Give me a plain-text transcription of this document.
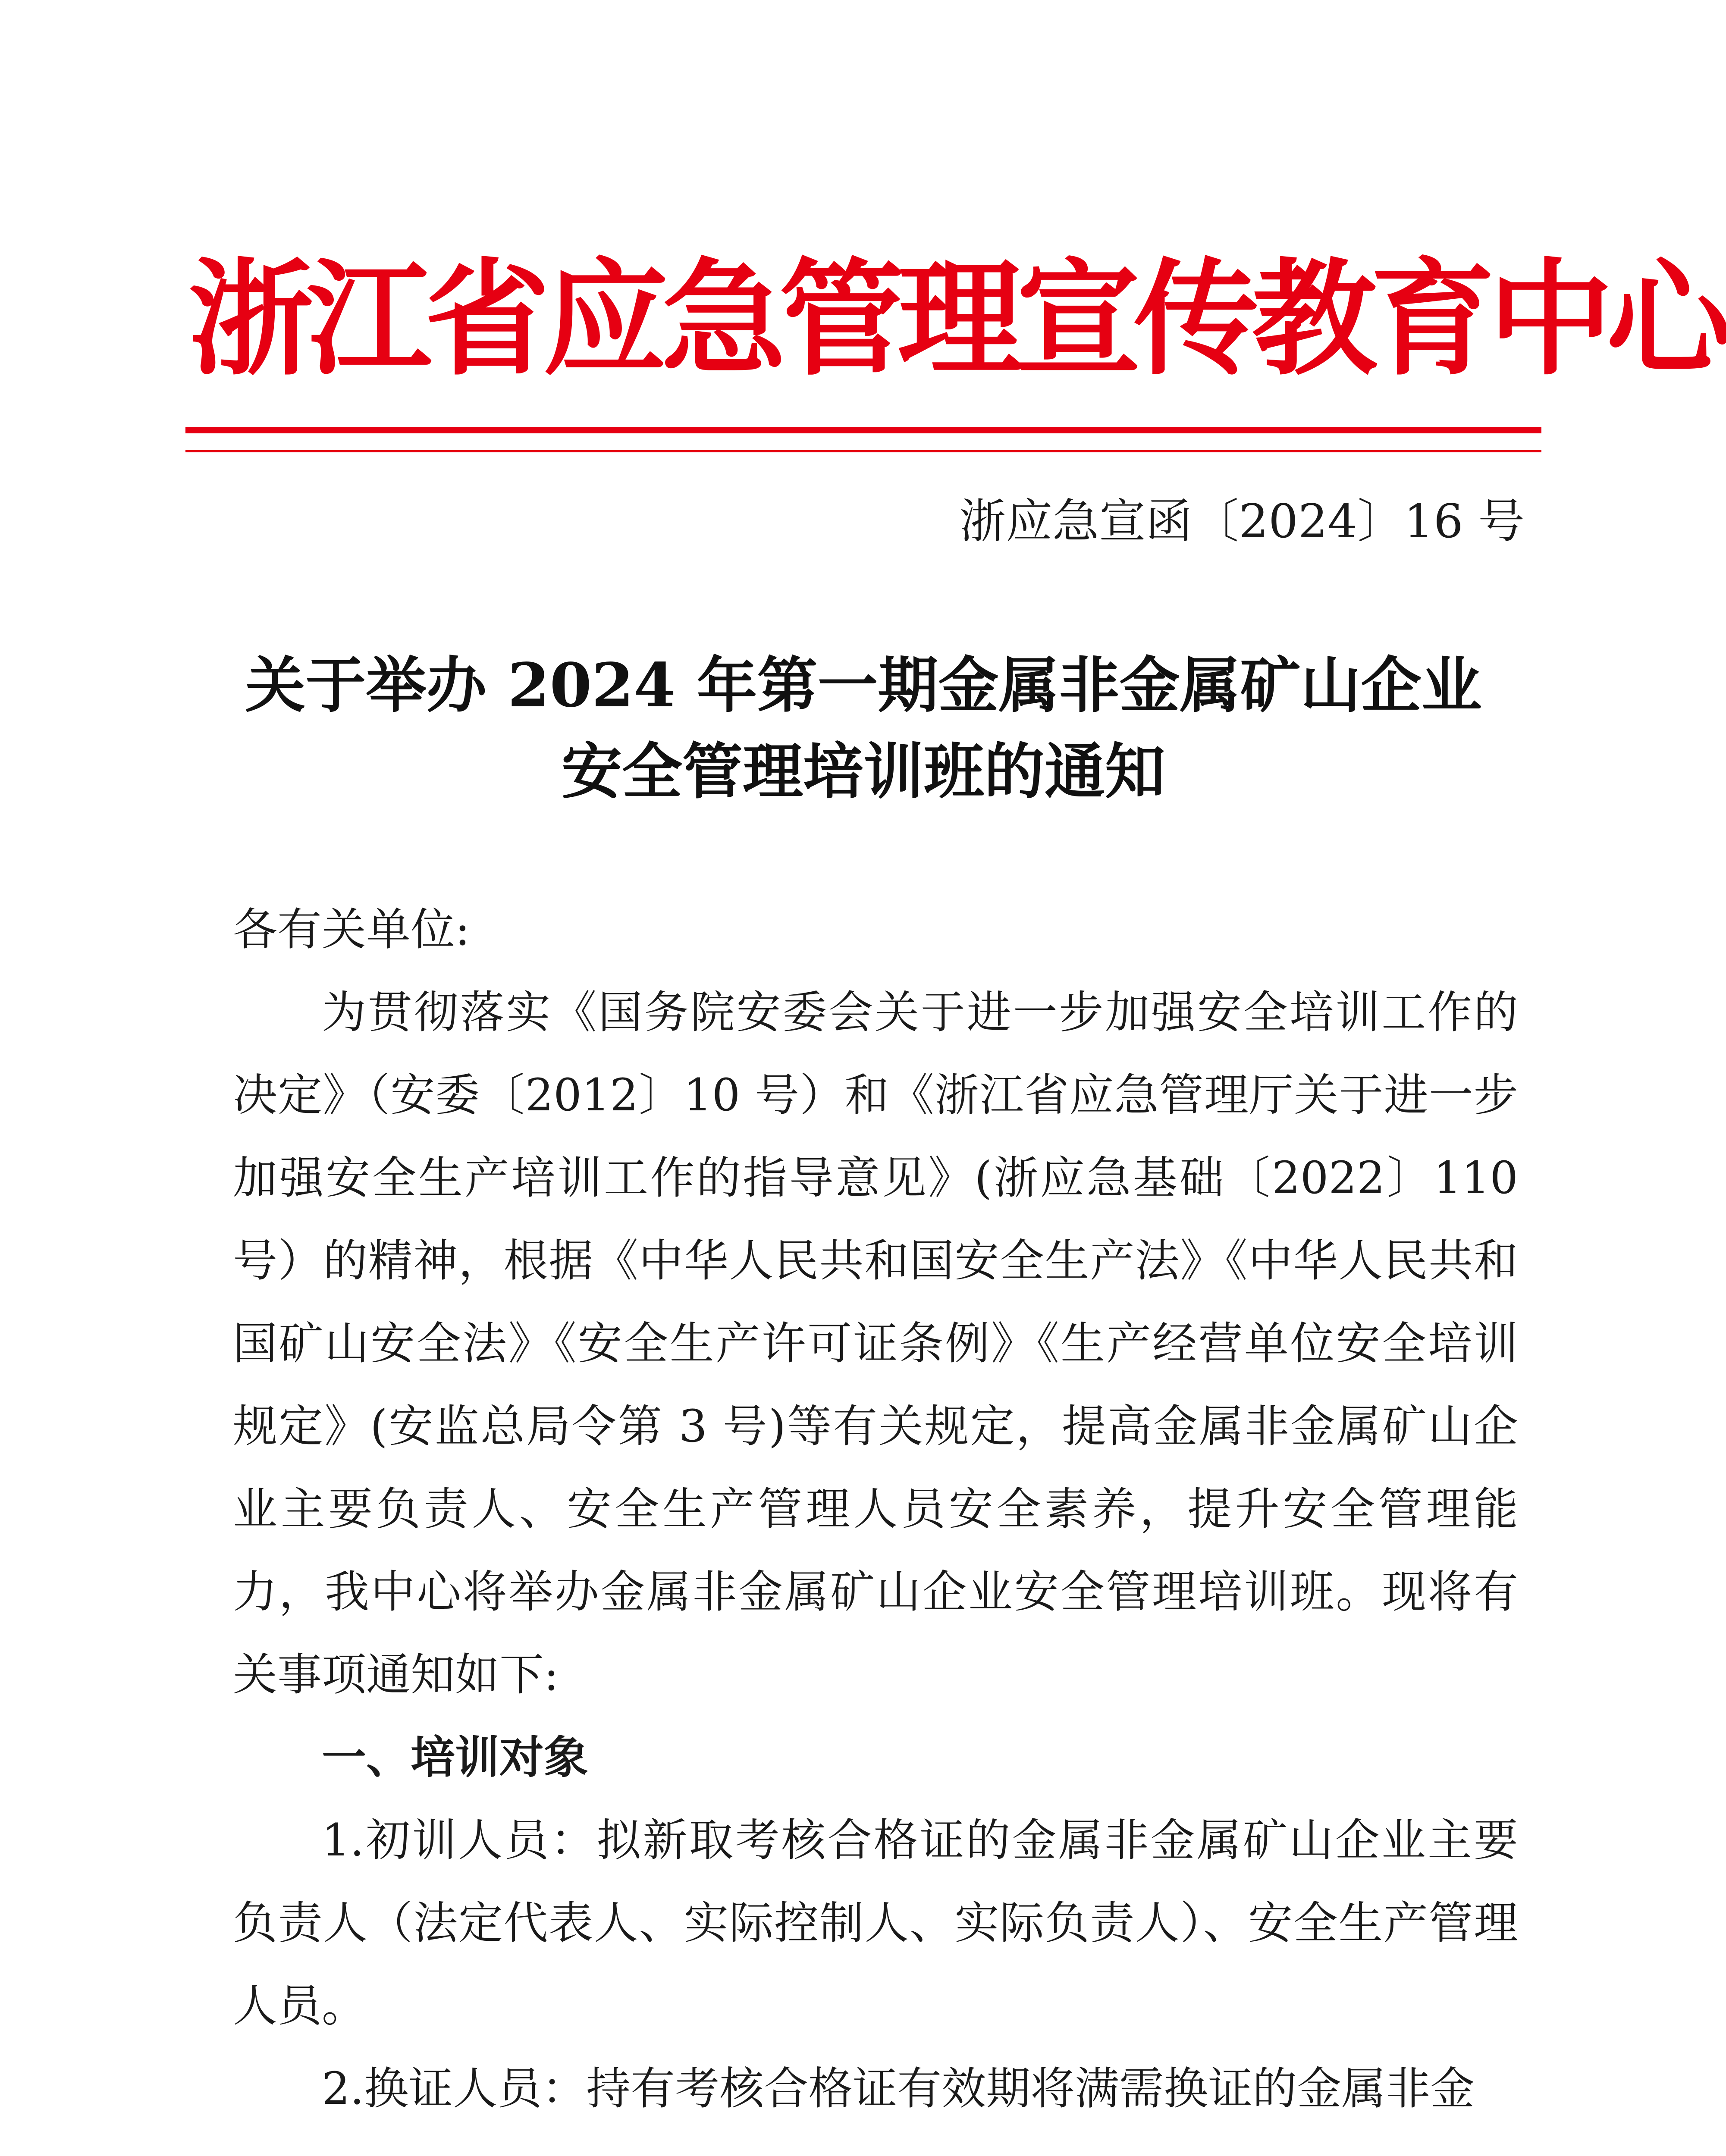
浙江省应急管理宣传教育中心
浙应急宣函〔2024〕16 号
关于举办 2024 年第一期金属非金属矿山企业
安全管理培训班的通知

各有关单位:

为贯彻落实《国务院安委会关于进一步加强安全培训工作的决定》（安委〔2012〕10 号）和《浙江省应急管理厅关于进一步加强安全生产培训工作的指导意见》(浙应急基础〔2022〕110号）的精神，根据《中华人民共和国安全生产法》《中华人民共和国矿山安全法》《安全生产许可证条例》《生产经营单位安全培训规定》(安监总局令第 3 号)等有关规定，提高金属非金属矿山企业主要负责人、安全生产管理人员安全素养，提升安全管理能力，我中心将举办金属非金属矿山企业安全管理培训班。现将有关事项通知如下:

一、培训对象

1.初训人员：拟新取考核合格证的金属非金属矿山企业主要负责人（法定代表人、实际控制人、实际负责人）、安全生产管理人员。

2.换证人员：持有考核合格证有效期将满需换证的金属非金
